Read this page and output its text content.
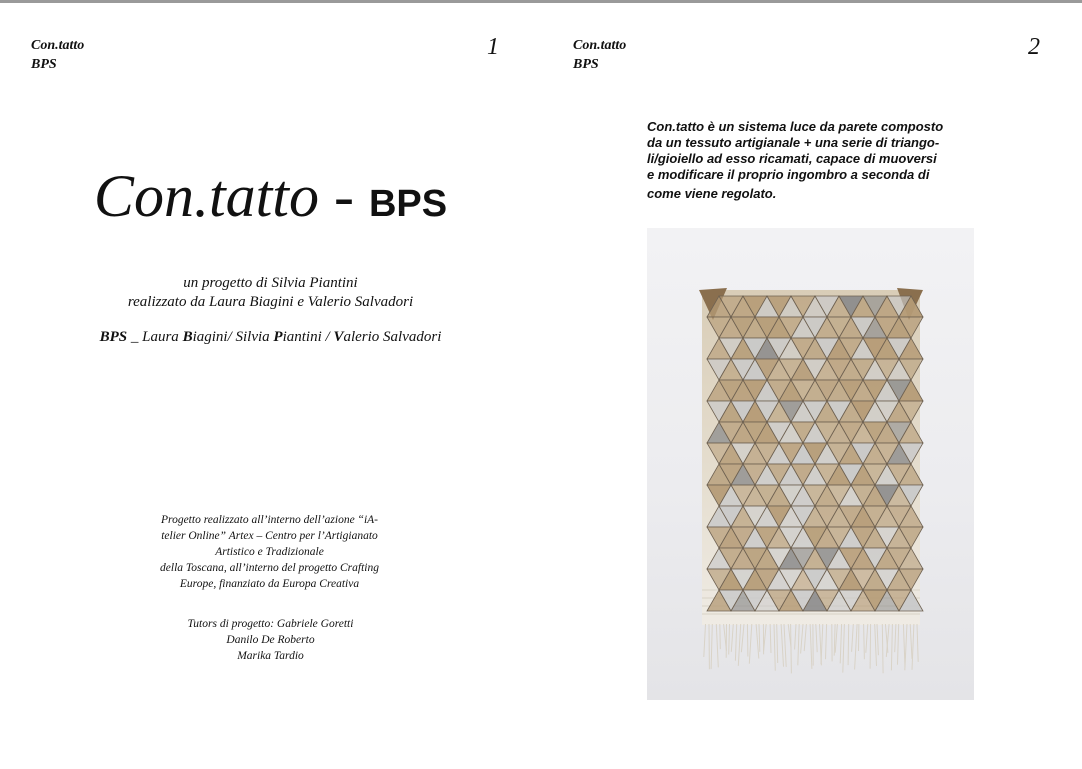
Con.tatto
BPS
1
Con.tatto - BPS
un progetto di Silvia Piantini
realizzato da Laura Biagini e Valerio Salvadori
BPS _ Laura Biagini/ Silvia Piantini / Valerio Salvadori
Progetto realizzato all’interno dell’azione “iA-
telier Online” Artex – Centro per l’Artigianato
Artistico e Tradizionale
della Toscana, all’interno del progetto Crafting
Europe, finanziato da Europa Creativa
Tutors di progetto: Gabriele Goretti
Danilo De Roberto
Marika Tardio
Con.tatto
BPS
2
Con.tatto è un sistema luce da parete composto
da un tessuto artigianale + una serie di triango-
li/gioiello ad esso ricamati, capace di muoversi
e modificare il proprio ingombro a seconda di
come viene regolato.
